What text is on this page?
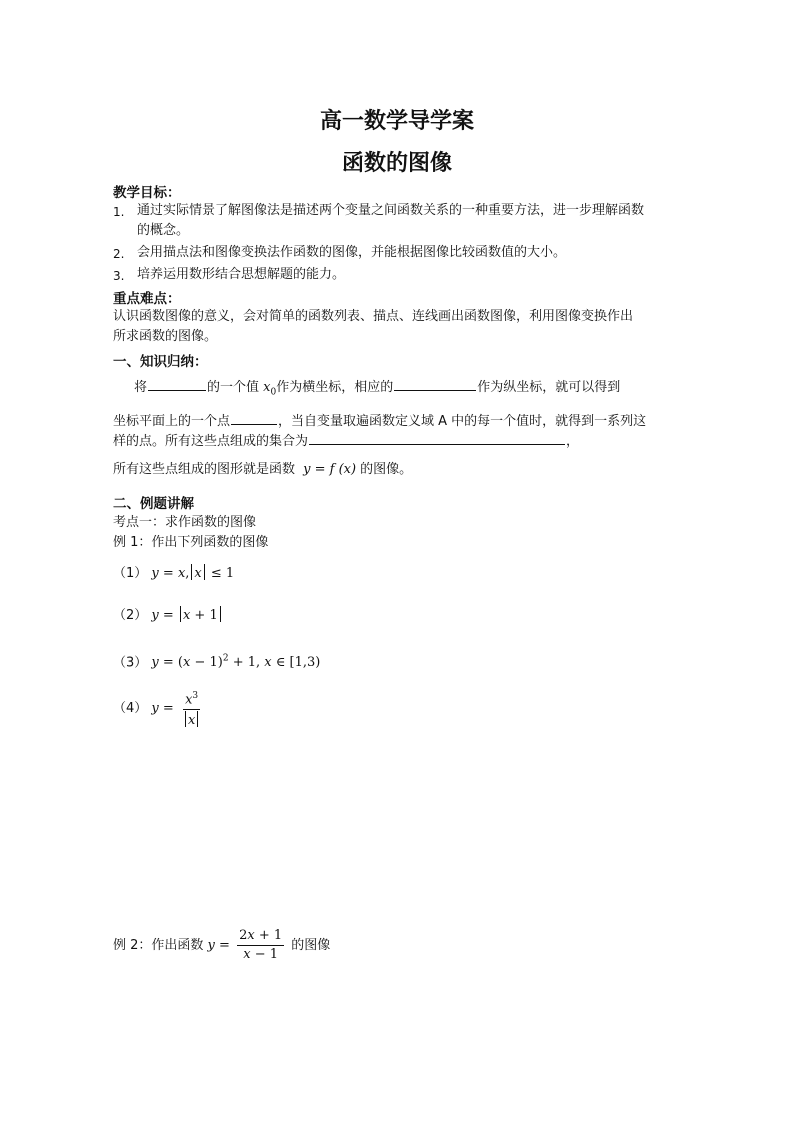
高一数学导学案
函数的图像
教学目标：
1. 通过实际情景了解图像法是描述两个变量之间函数关系的一种重要方法，进一步理解函数
的概念。
2. 会用描点法和图像变换法作函数的图像，并能根据图像比较函数值的大小。
3. 培养运用数形结合思想解题的能力。
重点难点：
认识函数图像的意义，会对简单的函数列表、描点、连线画出函数图像，利用图像变换作出
所求函数的图像。
一、知识归纳：
将	的一个值 $x_0$作为横坐标，相应的	作为纵坐标，就可以得到
坐标平面上的一个点	，当自变量取遍函数定义域 A 中的每一个值时，就得到一系列这
样的点。所有这些点组成的集合为	，
所有这些点组成的图形就是函数 y = f (x) 的图像。
二、例题讲解
考点一：求作函数的图像
例 1：作出下列函数的图像
（1） y = x, x ≤ 1
（2） y = x + 1
（3） $y = (x - 1)^2 + 1$, x ∈ [1,3)
（4） $y = \frac{x^3}{x}$
例 2：作出函数 $y = \frac{2x + 1}{x - 1}$ 的图像
